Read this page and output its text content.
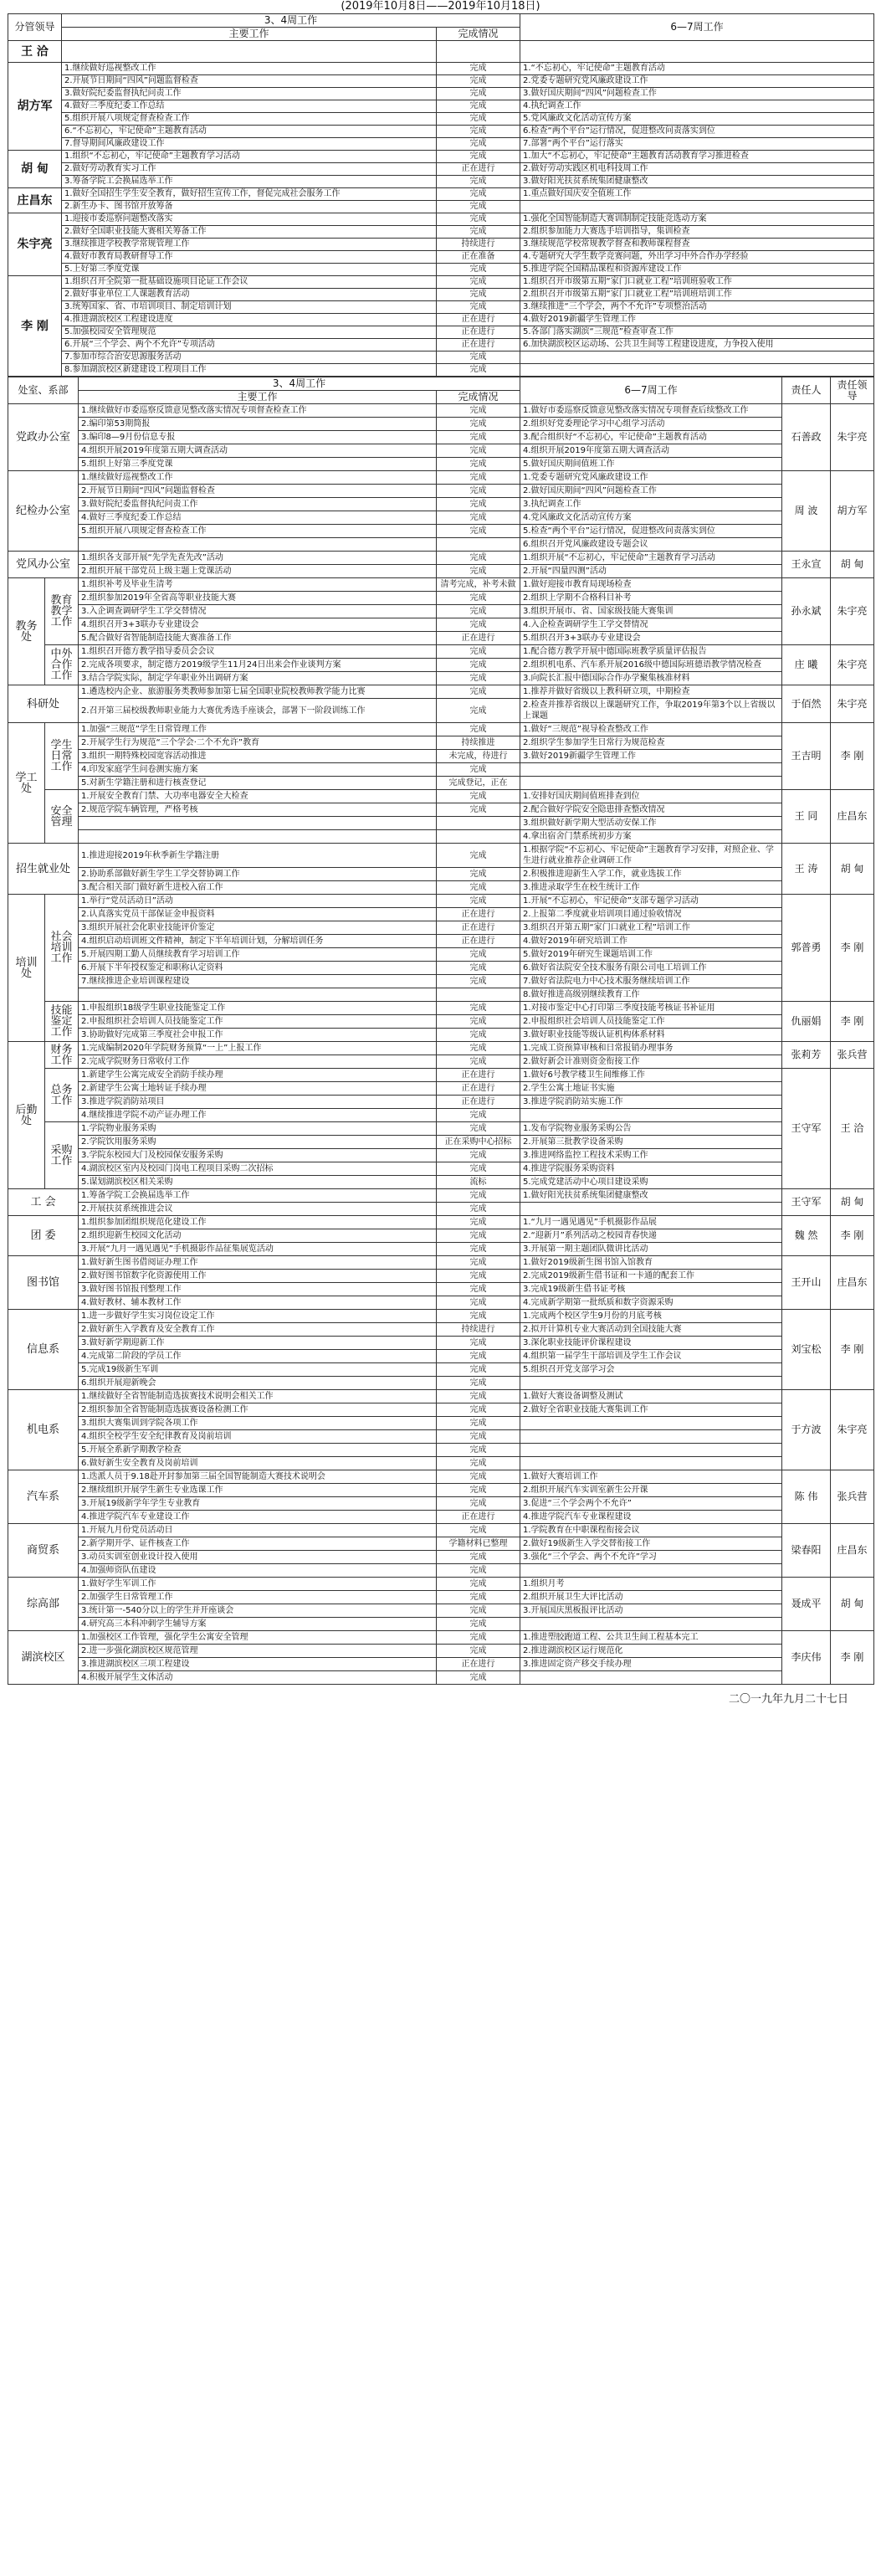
(2019年10月8日——2019年10月18日)
分管领导	3、4周工作		6—7周工作
	主要工作	完成情况	
王 洽			
胡方军	1.继续做好巡视整改工作	完成	1.“不忘初心，牢记使命”主题教育活动
	2.开展节日期间“四风”问题监督检查	完成	2.党委专题研究党风廉政建设工作
	3.做好院纪委监督执纪问责工作	完成	3.做好国庆期间“四风”问题检查工作
	4.做好三季度纪委工作总结	完成	4.执纪调查工作
	5.组织开展八项规定督查检查工作	完成	5.党风廉政文化活动宣传方案
	6.“不忘初心，牢记使命”主题教育活动	完成	6.检查“两个平台”运行情况，促进整改问责落实到位
	7.督导期间风廉政建设工作	完成	7.部署“两个平台”运行落实
胡 甸	1.组织“不忘初心，牢记使命”主题教育学习活动	完成	1.加大“不忘初心，牢记使命”主题教育活动教育学习推进检查
	2.做好劳动教育实习工作	正在进行	2.做好劳动实践区机电科技周工作
	3.筹备学院工会换届选举工作	完成	3.做好阳光扶贫系统集团健康整改
庄昌东	1.做好全国招生学生安全教育，做好招生宣传工作，督促完成社会服务工作	完成	1.重点做好国庆安全值班工作
	2.新生办卡、图书馆开放筹备	完成	
朱宇亮	1.迎接市委巡察问题整改落实	完成	1.强化全国智能制造大赛训制制定技能竞选动方案
	2.做好全国职业技能大赛相关筹备工作	完成	2.组织参加能力大赛选手培训指导，集训检查
	3.继续推进学校教学常规管理工作	持续进行	3.继续规范学校常规教学督查和教师课程督查
	4.做好市教育局教研督导工作	正在准备	4.专题研究大学生数学竞赛问题，外出学习中外合作办学经验
	5.上好第三季度党课	完成	5.推进学院全国精品课程和资源库建设工作
李 刚	1.组织召开全院第一批基础设施项目论证工作会议	完成	1.组织召开市级第五期“家门口就业工程”培训班验收工作
	2.做好事业单位工人课题教育活动	完成	2.组织召开市级第五期“家门口就业工程”培训班培训工作
	3.统筹国家、省、市培训项目、制定培训计划	完成	3.继续推进“三个学会，两个不允许”专项整治活动
	4.推进湖滨校区工程建设进度	正在进行	4.做好2019新疆学生管理工作
	5.加强校园安全管理规范	正在进行	5.各部门落实湖滨“三规范”检查审查工作
	6.开展“三个学会、两个不允许”专项活动	正在进行	6.加快湖滨校区运动场、公共卫生间等工程建设进度，力争投入使用
	7.参加市综合治安思源服务活动	完成	
	8.参加湖滨校区新建建设工程项目工作	完成	
处室、系部		3、4周工作		6—7周工作	责任人	责任领导
		主要工作	完成情况			
党政办公室		1.继续做好市委巡察反馈意见整改落实情况专项督查检查工作	完成	1.做好市委巡察反馈意见整改落实情况专项督查后续整改工作	石善政	朱宇亮
		2.编印第53期简报	完成	2.组织好党委理论学习中心组学习活动		
		3.编印8—9月份信息专报	完成	3.配合组织好“不忘初心，牢记使命”主题教育活动		
		4.组织开展2019年度第五期大调查活动	完成	4.组织开展2019年度第五期大调查活动		
		5.组织上好第三季度党课	完成	5.做好国庆期间值班工作		
纪检办公室		1.继续做好巡视整改工作	完成	1.党委专题研究党风廉政建设工作	周 波	胡方军
		2.开展节日期间“四风”问题监督检查	完成	2.做好国庆期间“四风”问题检查工作		
		3.做好院纪委监督执纪问责工作	完成	3.执纪调查工作		
		4.做好三季度纪委工作总结	完成	4.党风廉政文化活动宣传方案		
		5.组织开展八项规定督查检查工作	完成	5.检查“两个平台”运行情况，促进整改问责落实到位		
				6.组织召开党风廉政建设专题会议		
党风办公室		1.组织各支部开展“先学先查先改”活动	完成	1.组织开展“不忘初心，牢记使命”主题教育学习活动	王永宣	胡 甸
		2.组织开展干部党员上级主题上党课活动	完成	2.开展“四量四测”活动		
教务处	教育教学工作	1.组织补考及毕业生清考	清考完成，补考未做	1.做好迎接市教育局现场检查	孙永斌	朱宇亮
		2.组织参加2019年全省高等职业技能大赛	完成	2.组织上学期不合格科目补考		
		3.入企调查调研学生工学交替情况	完成	3.组织开展市、省、国家级技能大赛集训		
		4.组织召开3+3联办专业建设会	完成	4.入企检查调研学生工学交替情况		
		5.配合做好省智能制造技能大赛准备工作	正在进行	5.组织召开3+3联办专业建设会		
	中外合作工作	1.组织召开德方教学指导委员会会议	完成	1.配合德方教学开展中德国际班教学质量评估报告	庄 曦	朱宇亮
		2.完成各项要求，制定德方2019级学生11月24日出来会作业谈判方案	完成	2.组织机电系、汽车系开展2016级中德国际班德语教学情况检查		
		3.结合学院实际，制定学年职业外出调研方案	完成	3.向院长汇报中德国际合作办学聚集核准材料		
科研处		1.遴选校内企业、旅游服务类教师参加第七届全国职业院校教师教学能力比赛	完成	1.推荐并做好省级以上教科研立项，中期检查	于佰然	朱宇亮
		2.召开第三届校级教师职业能力大赛优秀选手座谈会，部署下一阶段训练工作	完成	2.检查并推荐省级以上课题研究工作，争取2019年第3个以上省级以上课题		
学工处	学生日常工作	1.加强“三规范”学生日常管理工作	完成	1.做好“三规范”视导检查整改工作	王吉明	李 刚
		2.开展学生行为规范“三个学会·二个不允许”教育	持续推进	2.组织学生参加学生日常行为规范检查		
		3.组织一期特殊校园宽容活动推进	未完成，待进行	3.做好2019新疆学生管理工作		
		4.印发家庭学生问卷测实施方案	完成			
		5.对新生学籍注册和进行核查登记	完成登记，正在			
	安全管理	1.开展安全教育门禁、大功率电器安全大检查	完成	1.安排好国庆期间值班排查到位	王 同	庄昌东
		2.规范学院车辆管理，严格考核	完成	2.配合做好学院安全隐患排查整改情况		
				3.组织做好新学期大型活动安保工作		
				4.拿出宿舍门禁系统初步方案		
招生就业处		1.推进迎接2019年秋季新生学籍注册	完成	1.根据学院“不忘初心、牢记使命”主题教育学习安排，对照企业、学生进行就业推荐企业调研工作	王 涛	胡 甸
		2.协助系部做好新生学生工学交替协调工作	完成	2.积极推进迎新生入学工作，就业选拔工作		
		3.配合相关部门做好新生进校入宿工作	完成	3.推进录取学生在校生统计工作		
培训处	社会培训工作	1.举行“党员活动日”活动	完成	1.开展“不忘初心，牢记使命”支部专题学习活动	郭普勇	李 刚
		2.认真落实党员干部保证金申报资料	正在进行	2.上报第二季度就业培训项目通过验收情况		
		3.组织开展社会化职业技能评价鉴定	正在进行	3.组织召开第五期“家门口就业工程”培训工作		
		4.组织启动培训班文件精神，制定下半年培训计划，分解培训任务	正在进行	4.做好2019年研究培训工作		
		5.开展四期工勤人员继续教育学习培训工作	完成	5.做好2019年研究生课题培训工作		
		6.开展下半年授权鉴定和职称认定资料	完成	6.做好省法院安全技术服务有限公司电工培训工作		
		7.继续推进企业培训课程建设	完成	7.做好省法院电力中心技术服务继续培训工作		
				8.做好推进高级别继续教育工作		
	技能鉴定工作	1.申报组织18级学生职业技能鉴定工作	完成	1.对接市鉴定中心打印第三季度技能考核证书补证用	仇丽娟	李 刚
		2.申报组织社会培训人员技能鉴定工作	完成	2.申报组织社会培训人员技能鉴定工作		
		3.协助做好完成第三季度社会申报工作	完成	3.做好职业技能等级认证机构体系材料		
后勤处	财务工作	1.完成编制2020年学院财务预算“一上”上报工作	完成	1.完成工资预算审核和日常报销办理事务	张莉芳	张兵营
		2.完成学院财务日常收付工作	完成	2.做好新会计准则资金衔接工作		
	总务工作	1.新建学生公寓完成安全消防手续办理	正在进行	1.做好6号教学楼卫生间维修工作	王守军	王 洽
		2.新建学生公寓土地转证手续办理	正在进行	2.学生公寓土地证书实施		
		3.推进学院消防站项目	正在进行	3.推进学院消防站实施工作		
		4.继续推进学院不动产证办理工作	完成			
	采购工作	1.学院物业服务采购	完成	1.发布学院物业服务采购公告		
		2.学院饮用服务采购	正在采购中心招标	2.开展第三批教学设备采购		
		3.学院东校园大门及校园保安服务采购	完成	3.推进网络监控工程技术采购工作		
		4.湖滨校区室内及校园门岗电工程项目采购二次招标	完成	4.推进学院服务采购资料		
		5.谋划湖滨校区相关采购	流标	5.完成党建活动中心项目建设采购		
工 会		1.筹备学院工会换届选举工作	完成	1.做好阳光扶贫系统集团健康整改	王守军	胡 甸
		2.开展扶贫系统推进会议	完成			
团 委		1.组织参加团组织规范化建设工作	完成	1.“九月一遇见遇见”手机摄影作品展	魏 然	李 刚
		2.组织迎新生校园文化活动	完成	2.“迎新月”系列活动之校园青春快递		
		3.开展“九月一遇见遇见”手机摄影作品征集展览活动	完成	3.开展第一期主题团队微讲比活动		
图书馆		1.做好新生图书借阅证办理工作	完成	1.做好2019级新生图书馆入馆教育	王开山	庄昌东
		2.做好图书馆数字化资源使用工作	完成	2.完成2019级新生借书证和一卡通的配套工作		
		3.做好图书馆报刊整理工作	完成	3.完成19级新生借书证考核		
		4.做好教材、辅本教材工作	完成	4.完成新学期第一批纸质和数字资源采购		
信息系		1.进一步做好学生实习岗位设定工作	完成	1.完成两个校区学生9月份的月底考核	刘宝松	李 刚
		2.做好新生入学教育及安全教育工作	持续进行	2.拟开计算机专业大赛活动到全国技能大赛		
		3.做好新学期迎新工作	完成	3.深化职业技能评价课程建设		
		4.完成第二阶段的学员工作	完成	4.组织第一届学生干部培训及学生工作会议		
		5.完成19级新生军训	完成	5.组织召开党支部学习会		
		6.组织开展迎新晚会	完成			
机电系		1.继续做好全省智能制造选拔赛技术说明会相关工作	完成	1.做好大赛设备调整及测试	于方波	朱宇亮
		2.组织参加全省智能制造选拔赛设备检测工作	完成	2.做好全省职业技能大赛集训工作		
		3.组织大赛集训到学院各项工作	完成			
		4.组织全校学生安全纪律教育及岗前培训	完成			
		5.开展全系新学期教学检查	完成			
		6.做好新生安全教育及岗前培训	完成			
汽车系		1.迭派人员于9.18赴开封参加第三届全国智能制造大赛技术说明会	完成	1.做好大赛培训工作	陈 伟	张兵营
		2.继续组织开展学生新生专业选课工作	完成	2.组织开展汽车实训室新生公开课		
		3.开展19级新学年学生专业教育	完成	3.促进“三个学会两个不允许”		
		4.推进学院汽车专业建设工作	正在进行	4.推进学院汽车专业课程建设		
商贸系		1.开展九月份党员活动日	完成	1.学院教育在中职课程衔接会议	梁春阳	庄昌东
		2.新学期开学、证件核查工作	学籍材料已整理	2.做好19级新生入学交替衔接工作		
		3.动员实训室创业设计投入使用	完成	3.强化“三个学会、两个不允许”学习		
		4.加强师资队伍建设	完成			
综高部		1.做好学生军训工作	完成	1.组织月考	聂成平	胡 甸
		2.加强学生日常管理工作	完成	2.组织开展卫生大评比活动		
		3.统计第一-540分以上的学生并开座谈会	完成	3.开展国庆黑板报评比活动		
		4.研究高三本科冲刺学生辅导方案	完成			
湖滨校区		1.加强校区工作管理，强化学生公寓安全管理	完成	1.推进塑胶跑道工程、公共卫生间工程基本完工	李庆伟	李 刚
		2.进一步强化湖滨校区规范管理	完成	2.推进湖滨校区运行规范化		
		3.推进湖滨校区三项工程建设	正在进行	3.推进固定资产移交手续办理		
		4.积极开展学生文体活动	完成			
二〇一九年九月二十七日
